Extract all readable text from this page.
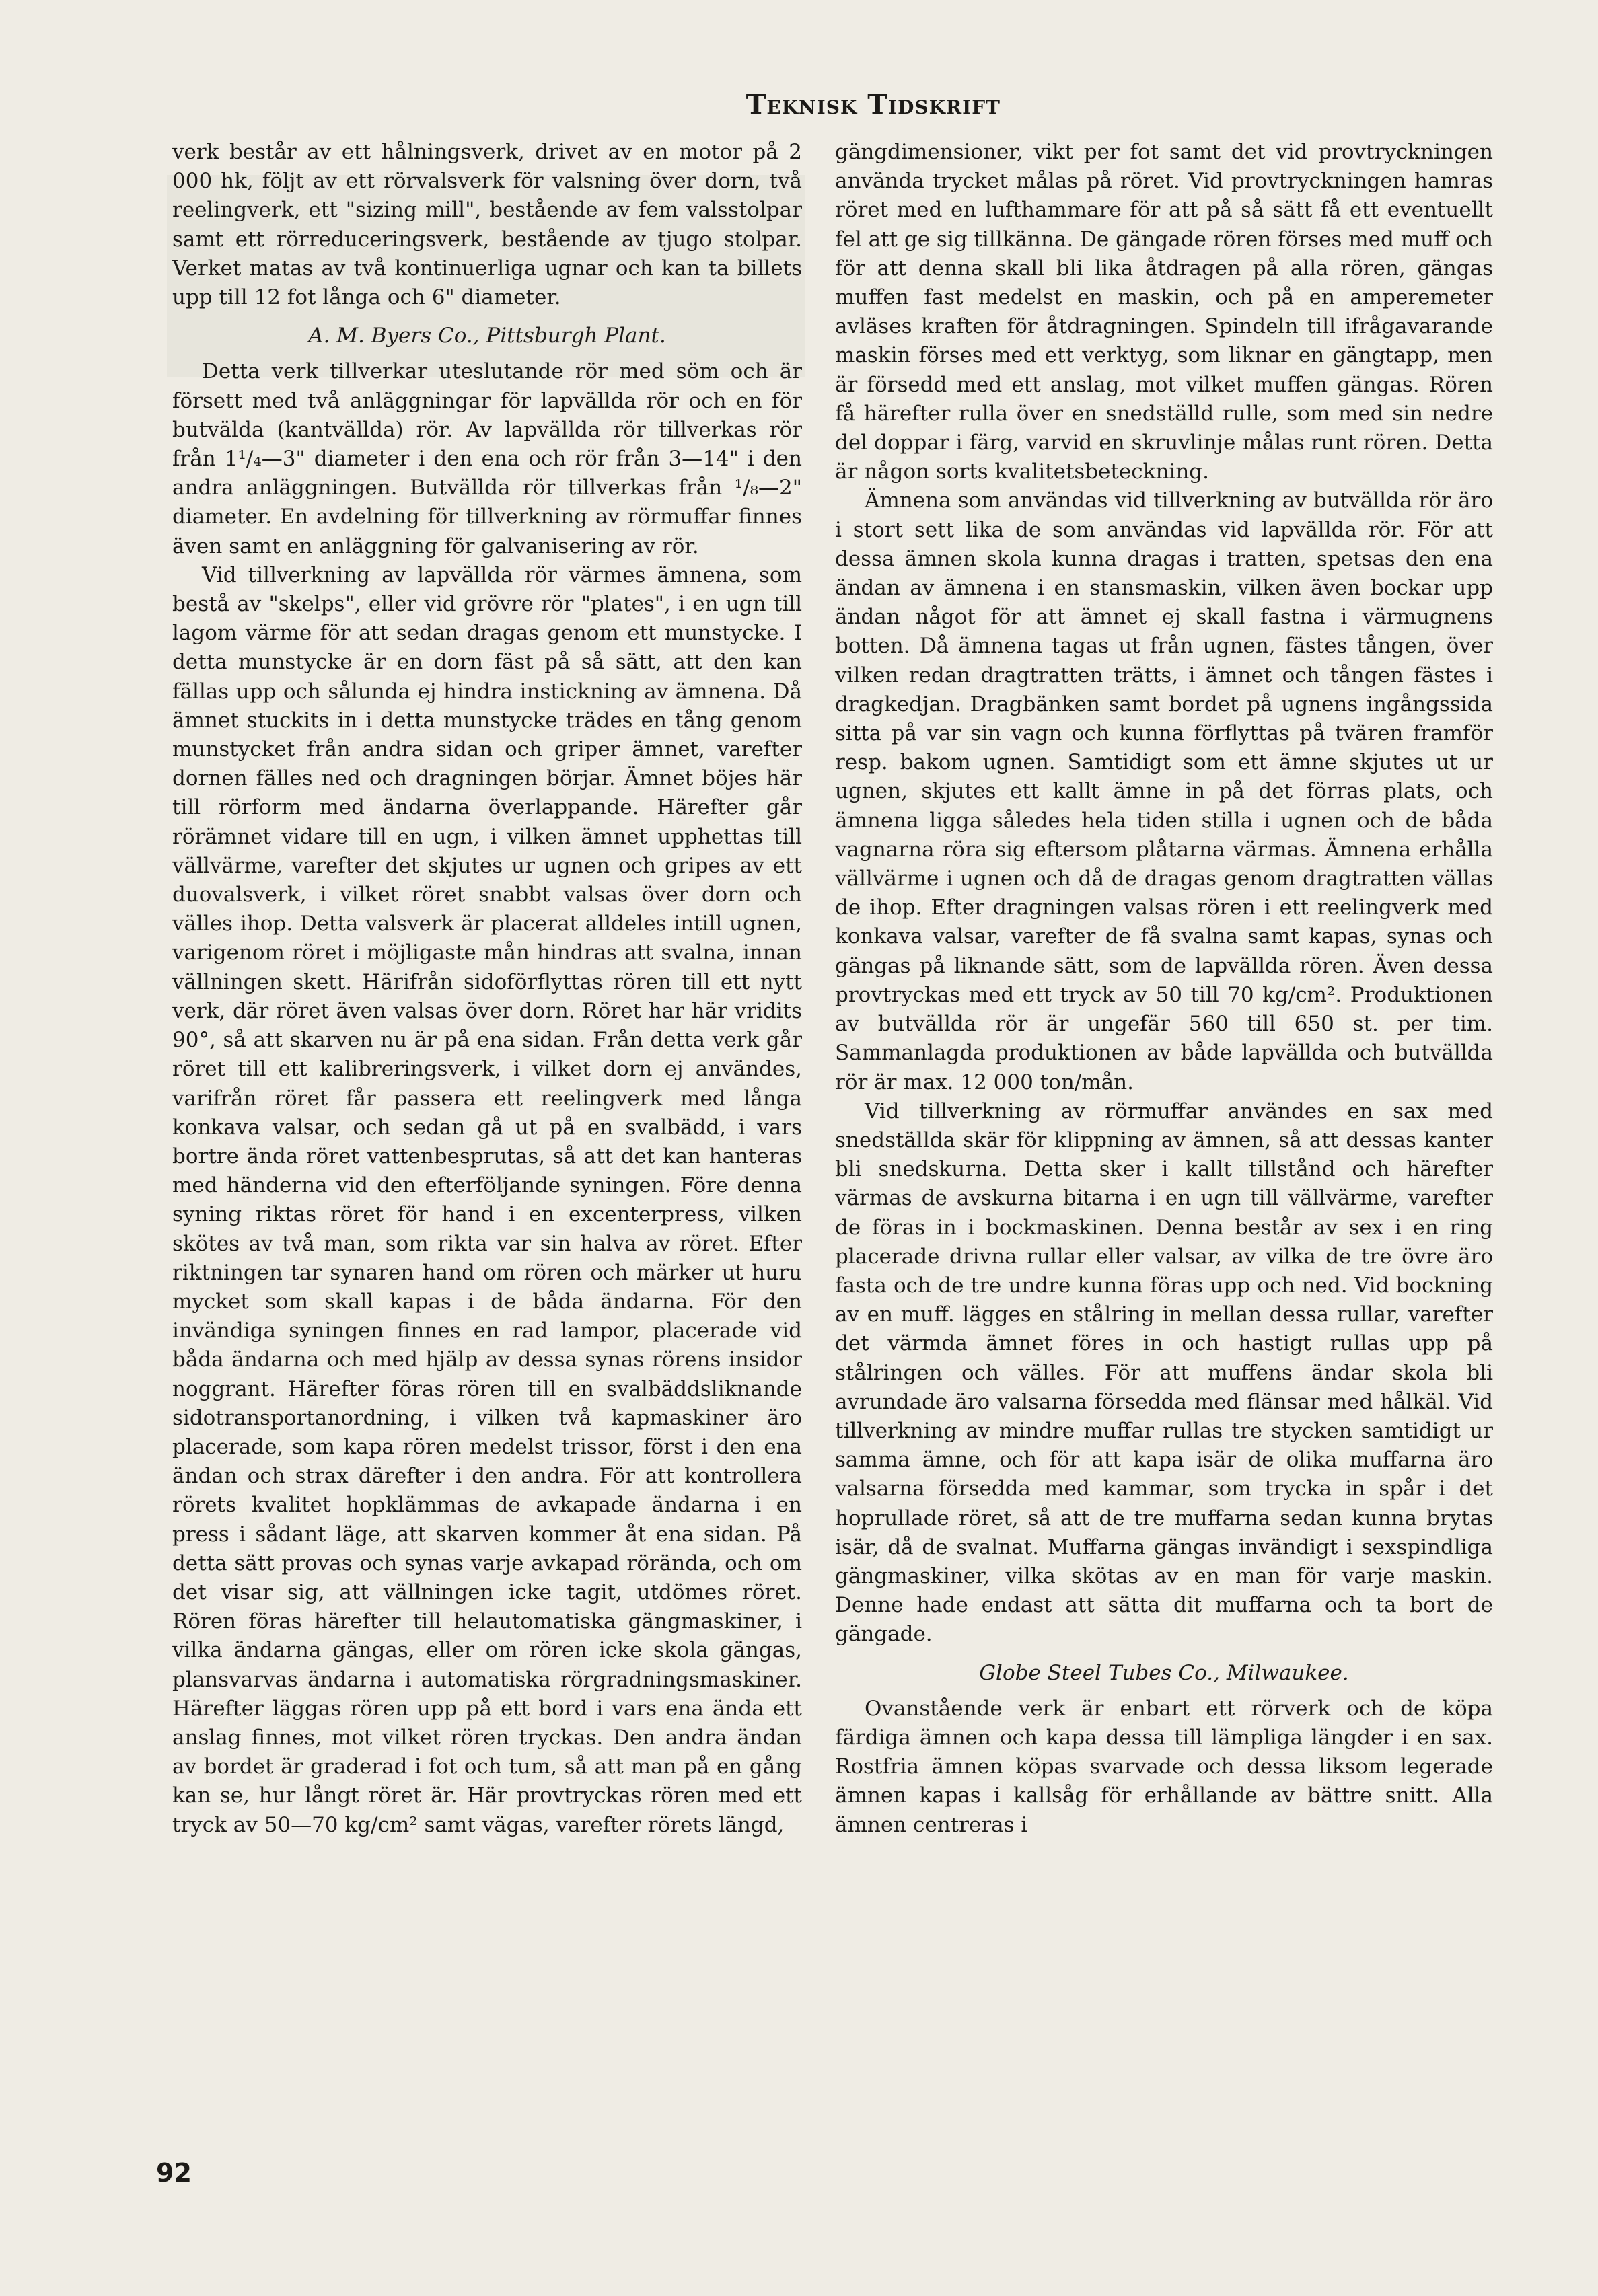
Teknisk Tidskrift

verk består av ett hålningsverk, drivet av en motor på 2 000 hk, följt av ett rörvalsverk för valsning över dorn, två reelingverk, ett "sizing mill", bestående av fem valsstolpar samt ett rörreduceringsverk, bestående av tjugo stolpar. Verket matas av två kontinuerliga ugnar och kan ta billets upp till 12 fot långa och 6" diameter.

A. M. Byers Co., Pittsburgh Plant.

Detta verk tillverkar uteslutande rör med söm och är försett med två anläggningar för lapvällda rör och en för butvälda (kantvällda) rör. Av lapvällda rör tillverkas rör från 1¹/₄—3" diameter i den ena och rör från 3—14" i den andra anläggningen. Butvällda rör tillverkas från ¹/₈—2" diameter. En avdelning för tillverkning av rörmuffar finnes även samt en anläggning för galvanisering av rör.

Vid tillverkning av lapvällda rör värmes ämnena, som bestå av "skelps", eller vid grövre rör "plates", i en ugn till lagom värme för att sedan dragas genom ett munstycke. I detta munstycke är en dorn fäst på så sätt, att den kan fällas upp och sålunda ej hindra instickning av ämnena. Då ämnet stuckits in i detta munstycke trädes en tång genom munstycket från andra sidan och griper ämnet, varefter dornen fälles ned och dragningen börjar. Ämnet böjes här till rörform med ändarna överlappande. Härefter går rörämnet vidare till en ugn, i vilken ämnet upphettas till vällvärme, varefter det skjutes ur ugnen och gripes av ett duovalsverk, i vilket röret snabbt valsas över dorn och välles ihop. Detta valsverk är placerat alldeles intill ugnen, varigenom röret i möjligaste mån hindras att svalna, innan vällningen skett. Härifrån sidoförflyttas rören till ett nytt verk, där röret även valsas över dorn. Röret har här vridits 90°, så att skarven nu är på ena sidan. Från detta verk går röret till ett kalibreringsverk, i vilket dorn ej användes, varifrån röret får passera ett reelingverk med långa konkava valsar, och sedan gå ut på en svalbädd, i vars bortre ända röret vattenbesprutas, så att det kan hanteras med händerna vid den efterföljande syningen. Före denna syning riktas röret för hand i en excenterpress, vilken skötes av två man, som rikta var sin halva av röret. Efter riktningen tar synaren hand om rören och märker ut huru mycket som skall kapas i de båda ändarna. För den invändiga syningen finnes en rad lampor, placerade vid båda ändarna och med hjälp av dessa synas rörens insidor noggrant. Härefter föras rören till en svalbäddsliknande sidotransportanordning, i vilken två kapmaskiner äro placerade, som kapa rören medelst trissor, först i den ena ändan och strax därefter i den andra. För att kontrollera rörets kvalitet hopklämmas de avkapade ändarna i en press i sådant läge, att skarven kommer åt ena sidan. På detta sätt provas och synas varje avkapad rörända, och om det visar sig, att vällningen icke tagit, utdömes röret. Rören föras härefter till helautomatiska gängmaskiner, i vilka ändarna gängas, eller om rören icke skola gängas, plansvarvas ändarna i automatiska rörgradningsmaskiner. Härefter läggas rören upp på ett bord i vars ena ända ett anslag finnes, mot vilket rören tryckas. Den andra ändan av bordet är graderad i fot och tum, så att man på en gång kan se, hur långt röret är. Här provtryckas rören med ett tryck av 50—70 kg/cm² samt vägas, varefter rörets längd,

gängdimensioner, vikt per fot samt det vid provtryckningen använda trycket målas på röret. Vid provtryckningen hamras röret med en lufthammare för att på så sätt få ett eventuellt fel att ge sig tillkänna. De gängade rören förses med muff och för att denna skall bli lika åtdragen på alla rören, gängas muffen fast medelst en maskin, och på en amperemeter avläses kraften för åtdragningen. Spindeln till ifrågavarande maskin förses med ett verktyg, som liknar en gängtapp, men är försedd med ett anslag, mot vilket muffen gängas. Rören få härefter rulla över en snedställd rulle, som med sin nedre del doppar i färg, varvid en skruvlinje målas runt rören. Detta är någon sorts kvalitetsbeteckning.

Ämnena som användas vid tillverkning av butvällda rör äro i stort sett lika de som användas vid lapvällda rör. För att dessa ämnen skola kunna dragas i tratten, spetsas den ena ändan av ämnena i en stansmaskin, vilken även bockar upp ändan något för att ämnet ej skall fastna i värmugnens botten. Då ämnena tagas ut från ugnen, fästes tången, över vilken redan dragtratten trätts, i ämnet och tången fästes i dragkedjan. Dragbänken samt bordet på ugnens ingångssida sitta på var sin vagn och kunna förflyttas på tvären framför resp. bakom ugnen. Samtidigt som ett ämne skjutes ut ur ugnen, skjutes ett kallt ämne in på det förras plats, och ämnena ligga således hela tiden stilla i ugnen och de båda vagnarna röra sig eftersom plåtarna värmas. Ämnena erhålla vällvärme i ugnen och då de dragas genom dragtratten vällas de ihop. Efter dragningen valsas rören i ett reelingverk med konkava valsar, varefter de få svalna samt kapas, synas och gängas på liknande sätt, som de lapvällda rören. Även dessa provtryckas med ett tryck av 50 till 70 kg/cm². Produktionen av butvällda rör är ungefär 560 till 650 st. per tim. Sammanlagda produktionen av både lapvällda och butvällda rör är max. 12 000 ton/mån.

Vid tillverkning av rörmuffar användes en sax med snedställda skär för klippning av ämnen, så att dessas kanter bli snedskurna. Detta sker i kallt tillstånd och härefter värmas de avskurna bitarna i en ugn till vällvärme, varefter de föras in i bockmaskinen. Denna består av sex i en ring placerade drivna rullar eller valsar, av vilka de tre övre äro fasta och de tre undre kunna föras upp och ned. Vid bockning av en muff. lägges en stålring in mellan dessa rullar, varefter det värmda ämnet föres in och hastigt rullas upp på stålringen och välles. För att muffens ändar skola bli avrundade äro valsarna försedda med flänsar med hålkäl. Vid tillverkning av mindre muffar rullas tre stycken samtidigt ur samma ämne, och för att kapa isär de olika muffarna äro valsarna försedda med kammar, som trycka in spår i det hoprullade röret, så att de tre muffarna sedan kunna brytas isär, då de svalnat. Muffarna gängas invändigt i sexspindliga gängmaskiner, vilka skötas av en man för varje maskin. Denne hade endast att sätta dit muffarna och ta bort de gängade.

Globe Steel Tubes Co., Milwaukee.

Ovanstående verk är enbart ett rörverk och de köpa färdiga ämnen och kapa dessa till lämpliga längder i en sax. Rostfria ämnen köpas svarvade och dessa liksom legerade ämnen kapas i kallsåg för erhållande av bättre snitt. Alla ämnen centreras i

92
